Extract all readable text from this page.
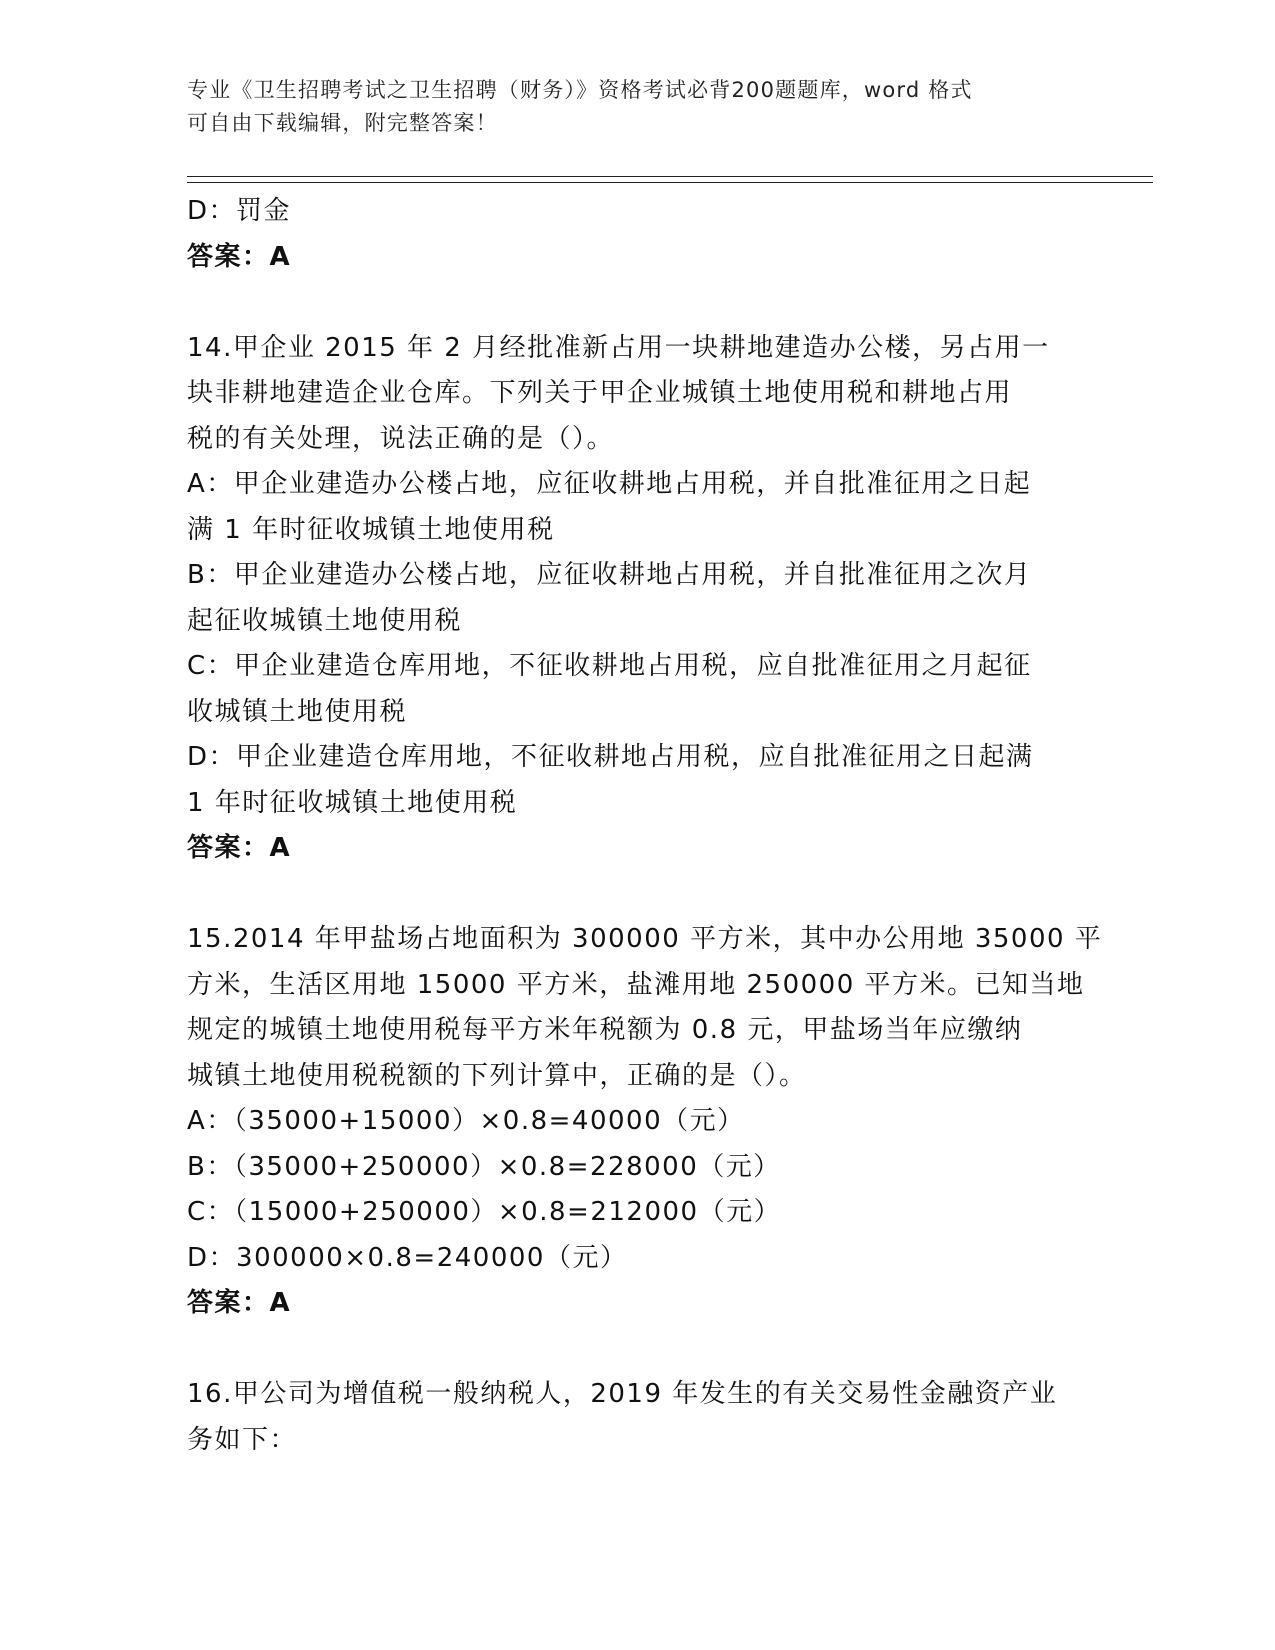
专业《卫生招聘考试之卫生招聘（财务）》资格考试必背200题题库，word 格式
可自由下载编辑，附完整答案！
D：罚金
答案：A
14.甲企业 2015 年 2 月经批准新占用一块耕地建造办公楼，另占用一
块非耕地建造企业仓库。下列关于甲企业城镇土地使用税和耕地占用
税的有关处理，说法正确的是（）。
A：甲企业建造办公楼占地，应征收耕地占用税，并自批准征用之日起
满 1 年时征收城镇土地使用税
B：甲企业建造办公楼占地，应征收耕地占用税，并自批准征用之次月
起征收城镇土地使用税
C：甲企业建造仓库用地，不征收耕地占用税，应自批准征用之月起征
收城镇土地使用税
D：甲企业建造仓库用地，不征收耕地占用税，应自批准征用之日起满
1 年时征收城镇土地使用税
答案：A
15.2014 年甲盐场占地面积为 300000 平方米，其中办公用地 35000 平
方米，生活区用地 15000 平方米，盐滩用地 250000 平方米。已知当地
规定的城镇土地使用税每平方米年税额为 0.8 元，甲盐场当年应缴纳
城镇土地使用税税额的下列计算中，正确的是（）。
A：（35000+15000）×0.8=40000（元）
B：（35000+250000）×0.8=228000（元）
C：（15000+250000）×0.8=212000（元）
D：300000×0.8=240000（元）
答案：A
16.甲公司为增值税一般纳税人，2019 年发生的有关交易性金融资产业
务如下：
